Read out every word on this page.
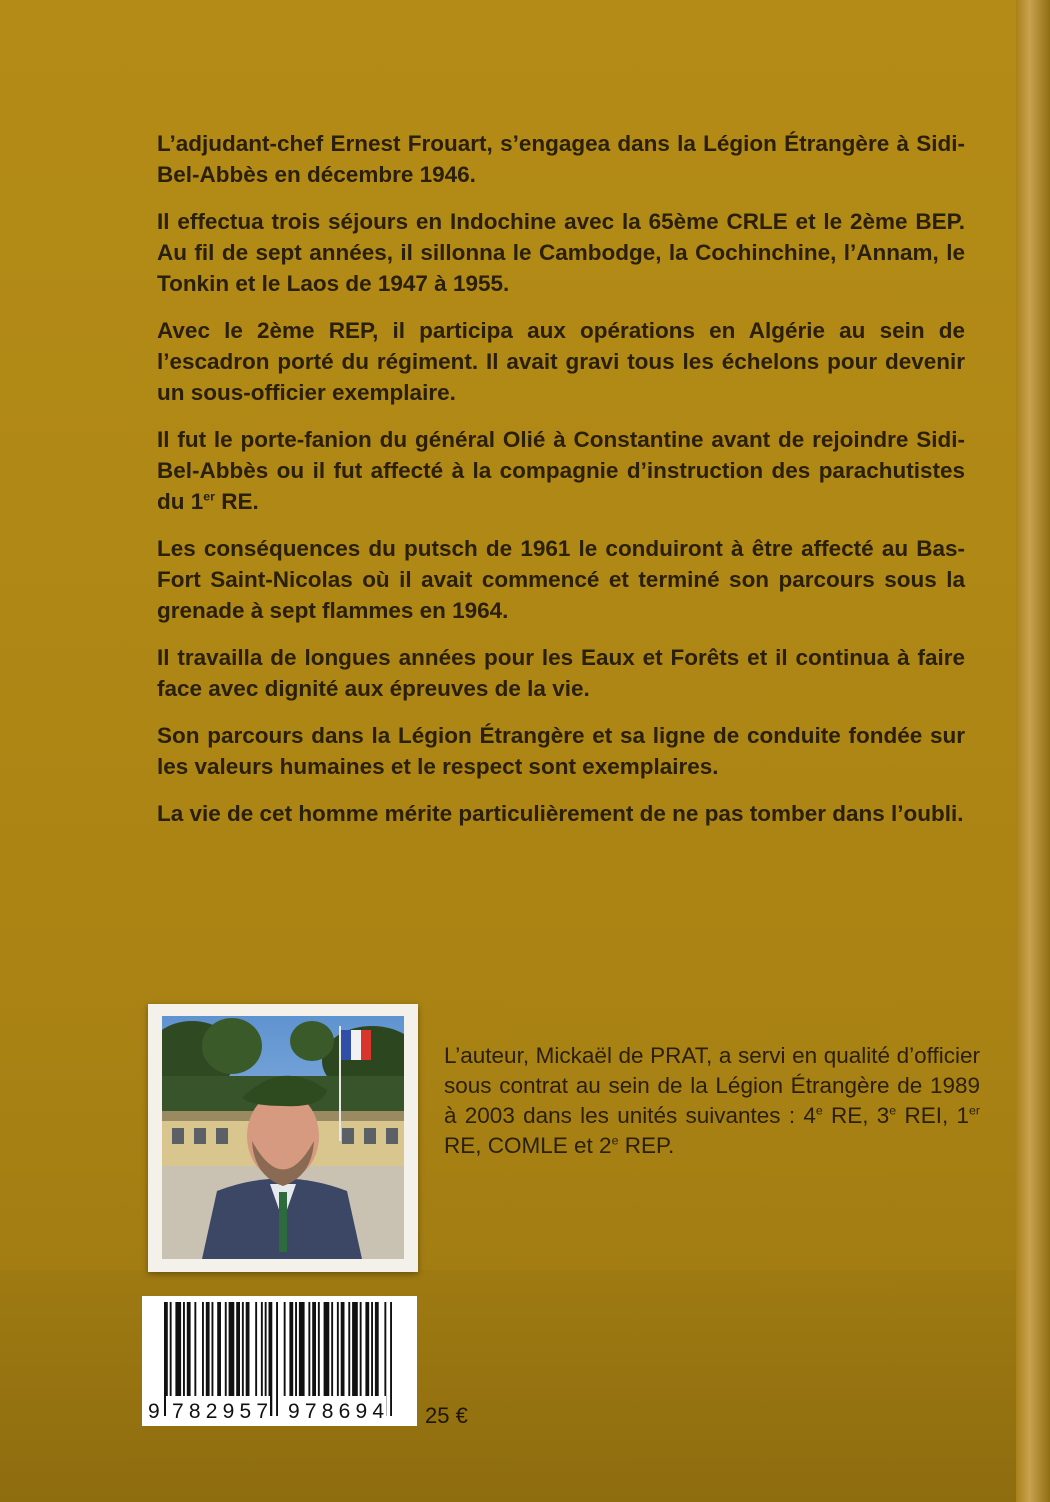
L’adjudant-chef Ernest Frouart, s’engagea dans la Légion Étrangère à Sidi-Bel-Abbès en décembre 1946.

Il effectua trois séjours en Indochine avec la 65ème CRLE et le 2ème BEP. Au fil de sept années, il sillonna le Cambodge, la Cochinchine, l’Annam, le Tonkin et le Laos de 1947 à 1955.

Avec le 2ème REP, il participa aux opérations en Algérie au sein de l’escadron porté du régiment. Il avait gravi tous les échelons pour devenir un sous-officier exemplaire.

Il fut le porte-fanion du général Olié à Constantine avant de rejoindre Sidi-Bel-Abbès ou il fut affecté à la compagnie d’instruction des parachutistes du 1er RE.

Les conséquences du putsch de 1961 le conduiront à être affecté au Bas-Fort Saint-Nicolas où il avait commencé et terminé son parcours sous la grenade à sept flammes en 1964.

Il travailla de longues années pour les Eaux et Forêts et il continua à faire face avec dignité aux épreuves de la vie.

Son parcours dans la Légion Étrangère et sa ligne de conduite fondée sur les valeurs humaines et le respect sont exemplaires.

La vie de cet homme mérite particulièrement de ne pas tomber dans l’oubli.

L’auteur, Mickaël de PRAT, a servi en qualité d’officier sous contrat au sein de la Légion Étrangère de 1989 à 2003 dans les unités suivantes : 4e RE, 3e REI, 1er RE, COMLE et 2e REP.
9 782957 978694 25 €
